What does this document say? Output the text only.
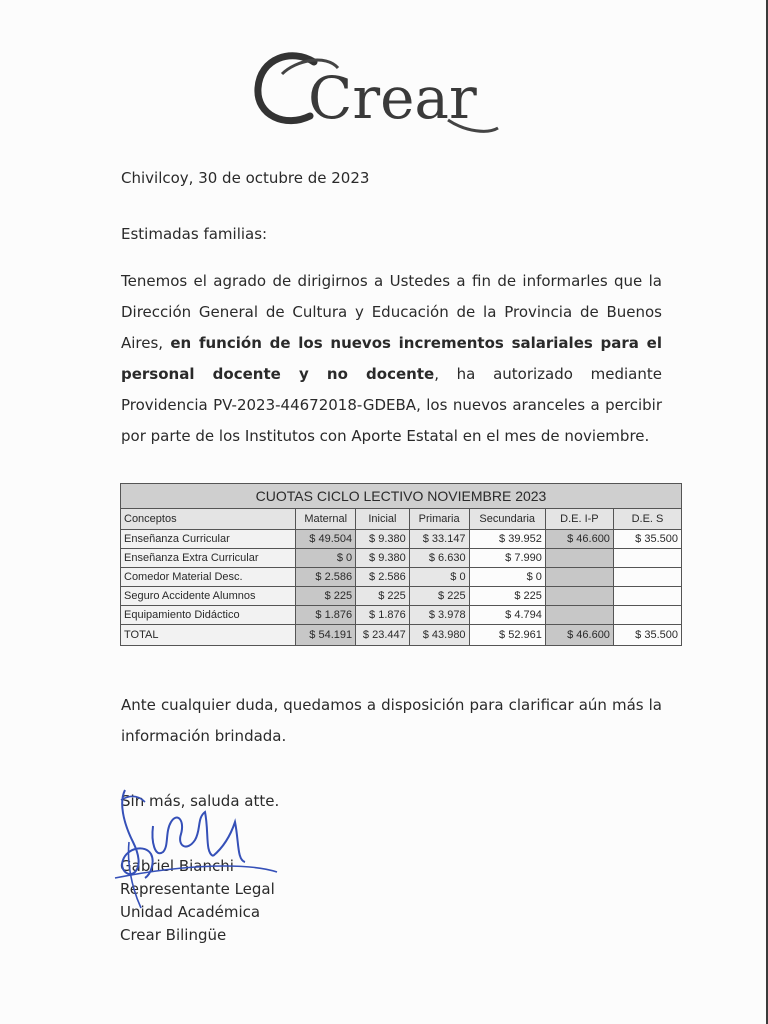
Crear
Chivilcoy, 30 de octubre de 2023
Estimadas familias:
Tenemos el agrado de dirigirnos a Ustedes a fin de informarles que la Dirección General de Cultura y Educación de la Provincia de Buenos Aires, en función de los nuevos incrementos salariales para el personal docente y no docente, ha autorizado mediante Providencia PV-2023-44672018-GDEBA, los nuevos aranceles a percibir por parte de los Institutos con Aporte Estatal en el mes de noviembre.
CUOTAS CICLO LECTIVO NOVIEMBRE 2023						
Conceptos	Maternal	Inicial	Primaria	Secundaria	D.E. I-P	D.E. S
Enseñanza Curricular	$ 49.504	$ 9.380	$ 33.147	$ 39.952	$ 46.600	$ 35.500
Enseñanza Extra Curricular	$ 0	$ 9.380	$ 6.630	$ 7.990		
Comedor Material Desc.	$ 2.586	$ 2.586	$ 0	$ 0		
Seguro Accidente Alumnos	$ 225	$ 225	$ 225	$ 225		
Equipamiento Didáctico	$ 1.876	$ 1.876	$ 3.978	$ 4.794		
TOTAL	$ 54.191	$ 23.447	$ 43.980	$ 52.961	$ 46.600	$ 35.500
Ante cualquier duda, quedamos a disposición para clarificar aún más la información brindada.
Sin más, saluda atte.
Gabriel Bianchi
Representante Legal
Unidad Académica
Crear Bilingüe
